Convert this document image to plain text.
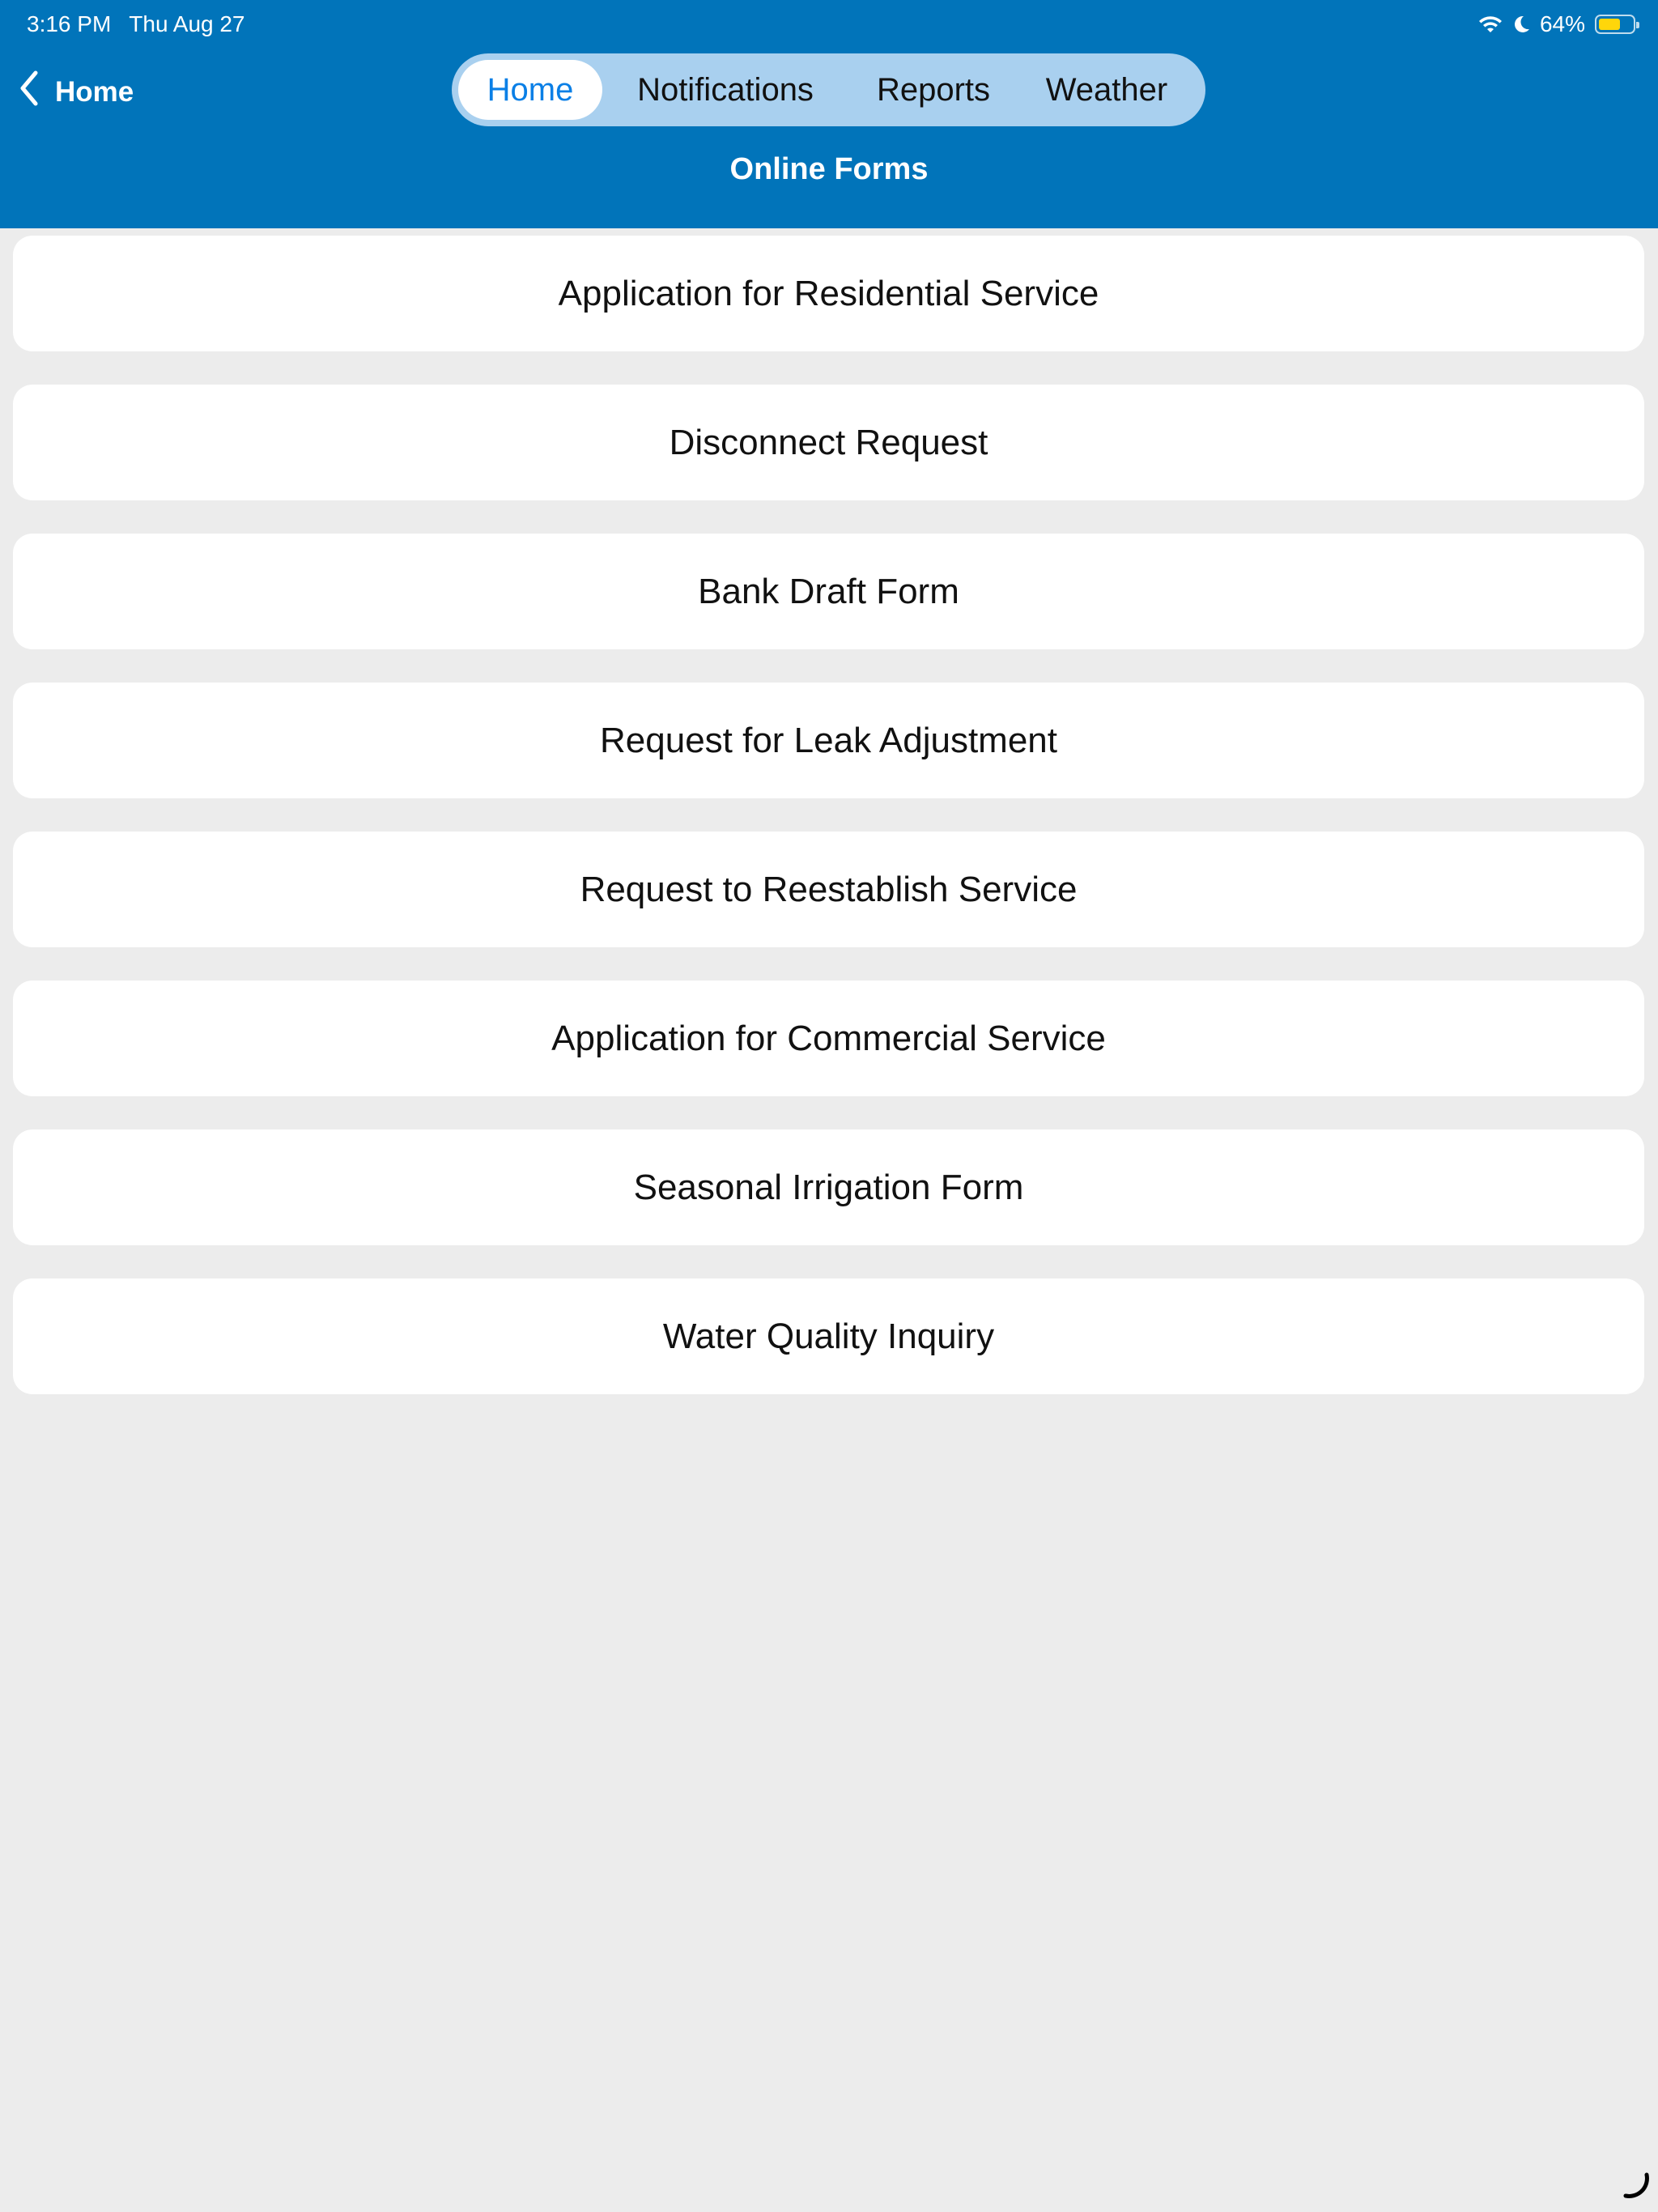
3:16 PM Thu Aug 27	64%
Home	Home	Notifications	Reports	Weather
Online Forms
Application for Residential Service
Disconnect Request
Bank Draft Form
Request for Leak Adjustment
Request to Reestablish Service
Application for Commercial Service
Seasonal Irrigation Form
Water Quality Inquiry
